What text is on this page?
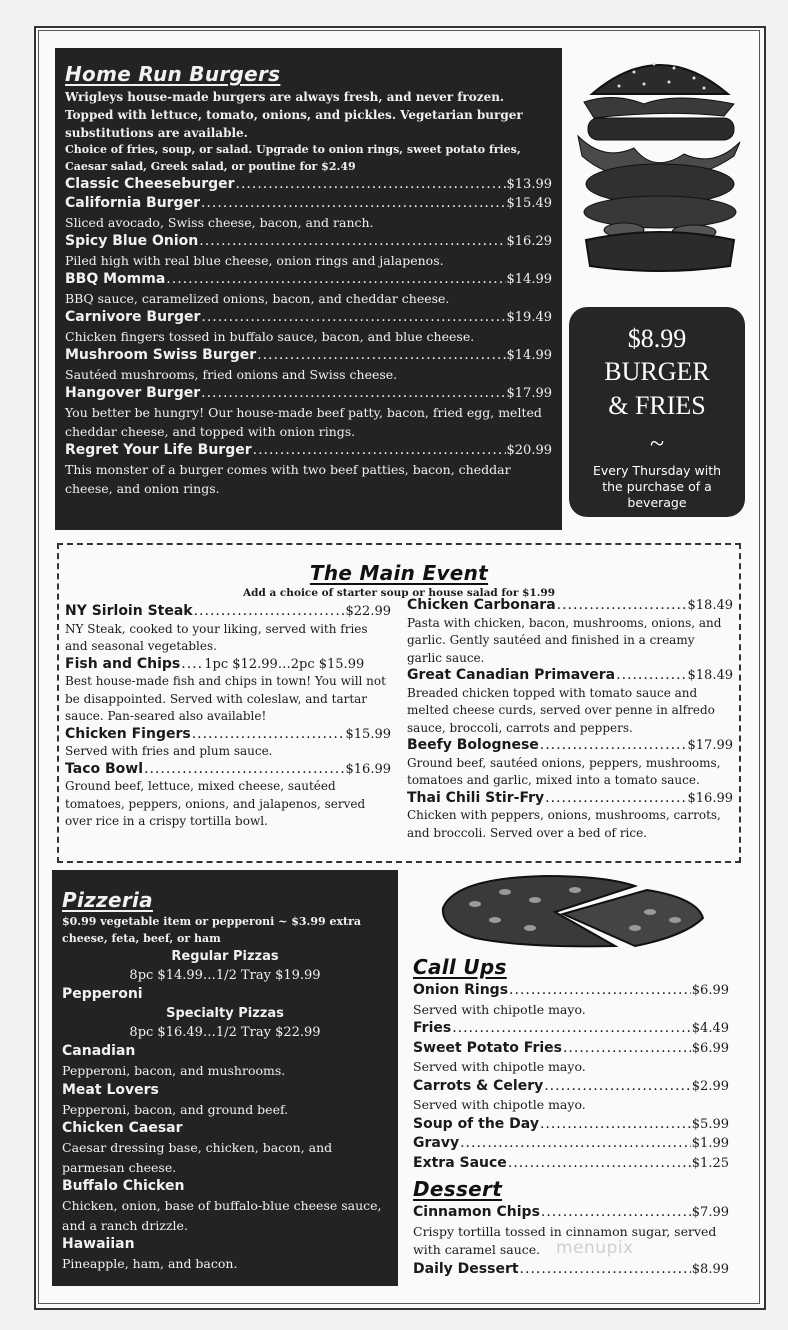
Home Run Burgers
Wrigleys house-made burgers are always fresh, and never frozen. Topped with lettuce, tomato, onions, and pickles. Vegetarian burger substitutions are available.
Choice of fries, soup, or salad. Upgrade to onion rings, sweet potato fries, Caesar salad, Greek salad, or poutine for $2.49
Classic Cheeseburger .....	$13.99
California Burger .....	$15.49
Sliced avocado, Swiss cheese, bacon, and ranch.
Spicy Blue Onion .....	$16.29
Piled high with real blue cheese, onion rings and jalapenos.
BBQ Momma .....	$14.99
BBQ sauce, caramelized onions, bacon, and cheddar cheese.
Carnivore Burger .....	$19.49
Chicken fingers tossed in buffalo sauce, bacon, and blue cheese.
Mushroom Swiss Burger .....	$14.99
Sautéed mushrooms, fried onions and Swiss cheese.
Hangover Burger .....	$17.99
You better be hungry! Our house-made beef patty, bacon, fried egg, melted cheddar cheese, and topped with onion rings.
Regret Your Life Burger .....	$20.99
This monster of a burger comes with two beef patties, bacon, cheddar cheese, and onion rings.
$8.99
BURGER
& FRIES
~
Every Thursday with the purchase of a beverage
The Main Event
Add a choice of starter soup or house salad for $1.99
NY Sirloin Steak .....	$22.99
NY Steak, cooked to your liking, served with fries and seasonal vegetables.
Fish and Chips ..... 1pc $12.99…2pc $15.99
Best house-made fish and chips in town! You will not be disappointed. Served with coleslaw, and tartar sauce. Pan-seared also available!
Chicken Fingers .....	$15.99
Served with fries and plum sauce.
Taco Bowl .....	$16.99
Ground beef, lettuce, mixed cheese, sautéed tomatoes, peppers, onions, and jalapenos, served over rice in a crispy tortilla bowl.
Chicken Carbonara .....	$18.49
Pasta with chicken, bacon, mushrooms, onions, and garlic. Gently sautéed and finished in a creamy garlic sauce.
Great Canadian Primavera .....	$18.49
Breaded chicken topped with tomato sauce and melted cheese curds, served over penne in alfredo sauce, broccoli, carrots and peppers.
Beefy Bolognese .....	$17.99
Ground beef, sautéed onions, peppers, mushrooms, tomatoes and garlic, mixed into a tomato sauce.
Thai Chili Stir-Fry .....	$16.99
Chicken with peppers, onions, mushrooms, carrots, and broccoli. Served over a bed of rice.
Pizzeria
$0.99 vegetable item or pepperoni ~ $3.99 extra cheese, feta, beef, or ham
Regular Pizzas
8pc $14.99…1/2 Tray $19.99
Pepperoni
Specialty Pizzas
8pc $16.49…1/2 Tray $22.99
Canadian
Pepperoni, bacon, and mushrooms.
Meat Lovers
Pepperoni, bacon, and ground beef.
Chicken Caesar
Caesar dressing base, chicken, bacon, and parmesan cheese.
Buffalo Chicken
Chicken, onion, base of buffalo-blue cheese sauce, and a ranch drizzle.
Hawaiian
Pineapple, ham, and bacon.
Call Ups
Onion Rings .....	$6.99
Served with chipotle mayo.
Fries .....	$4.49
Sweet Potato Fries .....	$6.99
Served with chipotle mayo.
Carrots & Celery .....	$2.99
Served with chipotle mayo.
Soup of the Day .....	$5.99
Gravy .....	$1.99
Extra Sauce .....	$1.25
Dessert
Cinnamon Chips .....	$7.99
Crispy tortilla tossed in cinnamon sugar, served with caramel sauce.
Daily Dessert .....	$8.99
menupix
